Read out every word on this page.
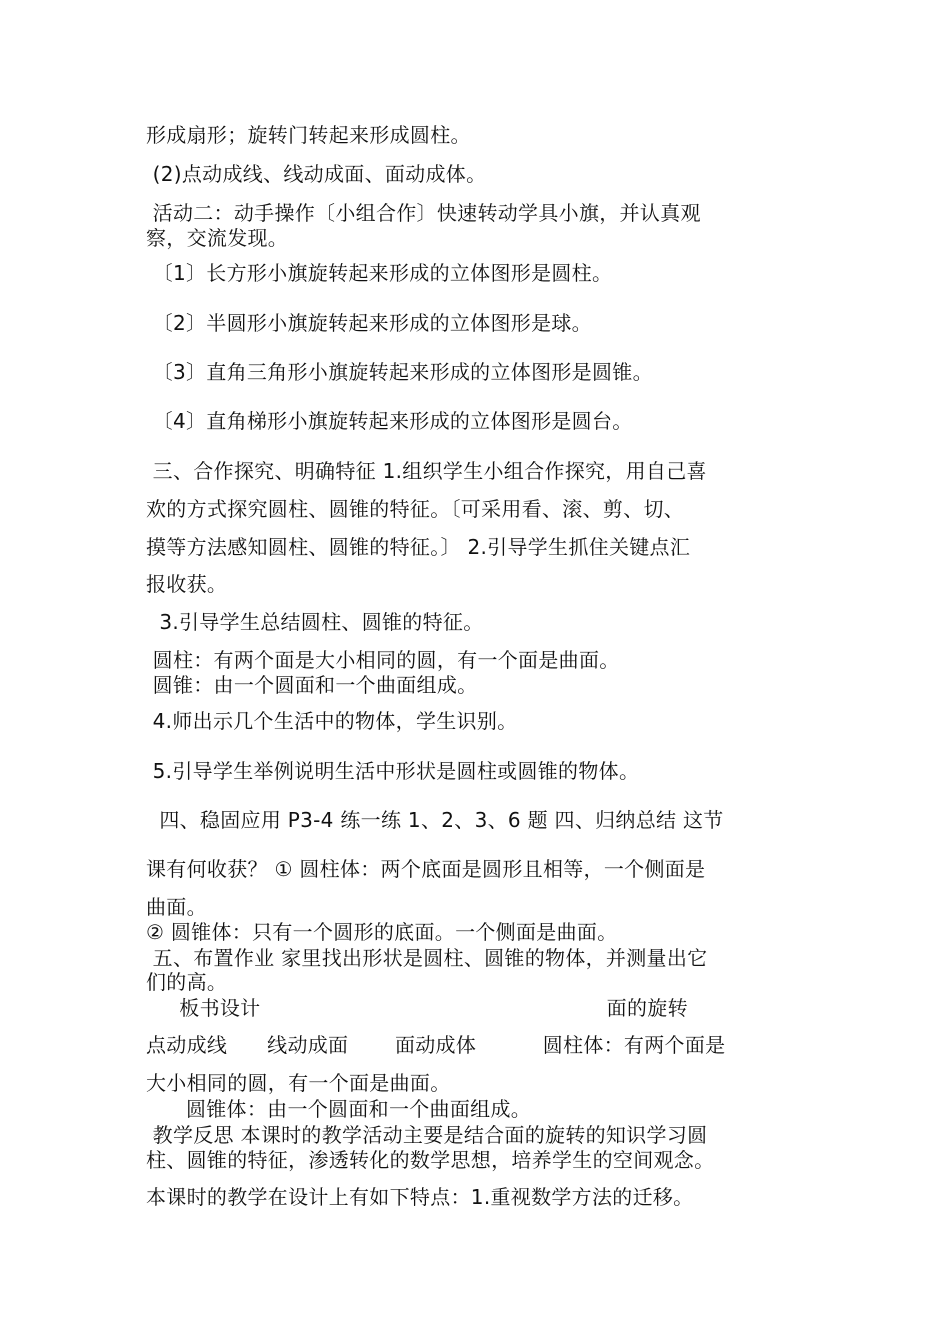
形成扇形；旋转门转起来形成圆柱。
(2)点动成线、线动成面、面动成体。
活动二：动手操作〔小组合作〕快速转动学具小旗，并认真观
察，交流发现。
〔1〕长方形小旗旋转起来形成的立体图形是圆柱。
〔2〕半圆形小旗旋转起来形成的立体图形是球。
〔3〕直角三角形小旗旋转起来形成的立体图形是圆锥。
〔4〕直角梯形小旗旋转起来形成的立体图形是圆台。
三、合作探究、明确特征 1.组织学生小组合作探究，用自己喜
欢的方式探究圆柱、圆锥的特征。〔可采用看、滚、剪、切、
摸等方法感知圆柱、圆锥的特征。〕 2.引导学生抓住关键点汇
报收获。
3.引导学生总结圆柱、圆锥的特征。
圆柱：有两个面是大小相同的圆，有一个面是曲面。
圆锥：由一个圆面和一个曲面组成。
4.师出示几个生活中的物体，学生识别。
5.引导学生举例说明生活中形状是圆柱或圆锥的物体。
四、稳固应用 P3-4 练一练 1、2、3、6 题 四、归纳总结 这节
课有何收获？ ① 圆柱体：两个底面是圆形且相等，一个侧面是
曲面。
② 圆锥体：只有一个圆形的底面。一个侧面是曲面。
五、布置作业 家里找出形状是圆柱、圆锥的物体，并测量出它
们的高。
板书设计                                                    面的旋转
点动成线      线动成面       面动成体          圆柱体：有两个面是
大小相同的圆，有一个面是曲面。
圆锥体：由一个圆面和一个曲面组成。
教学反思 本课时的教学活动主要是结合面的旋转的知识学习圆
柱、圆锥的特征，渗透转化的数学思想，培养学生的空间观念。
本课时的教学在设计上有如下特点：1.重视数学方法的迁移。
